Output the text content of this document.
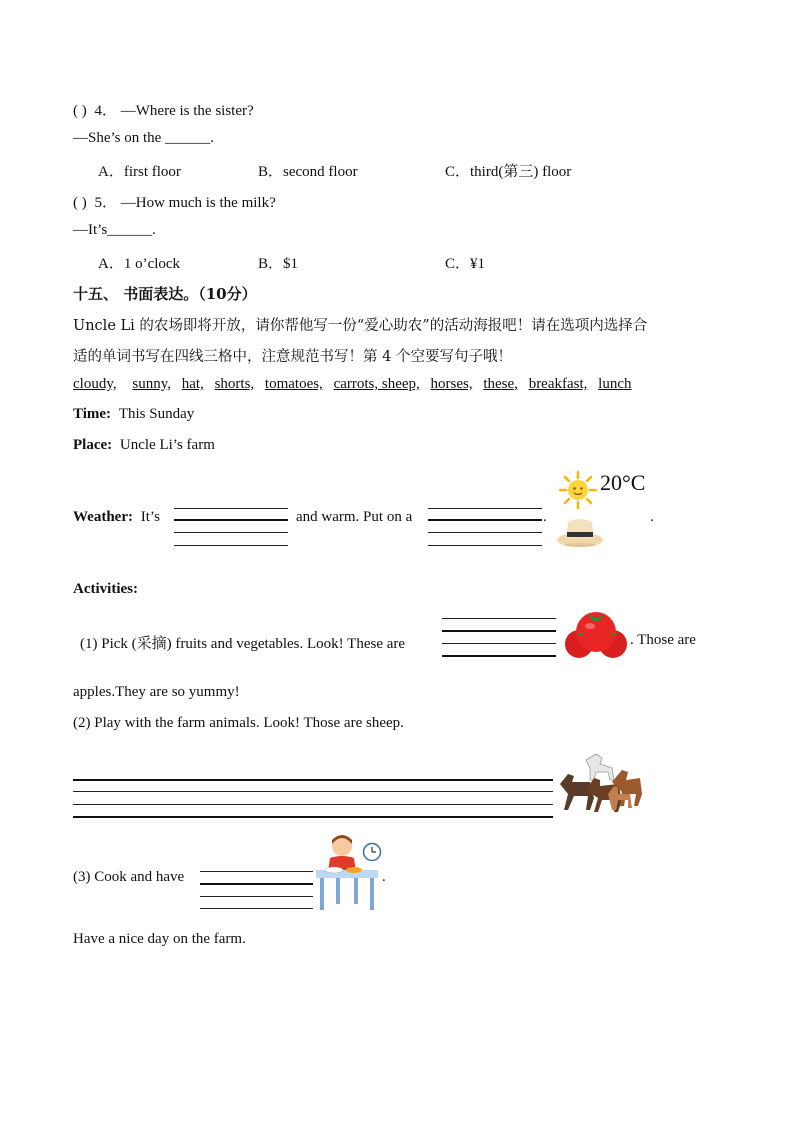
( ) 4． —Where is the sister?
—She’s on the ______.
A．first floor	B．second floor	C．third(第三) floor
( ) 5． —How much is the milk?
—It’s______.
A．1 o’clock	B．$1	C．¥1
十五、 书面表达。（10分）
Uncle Li 的农场即将开放，请你帮他写一份“爱心助农”的活动海报吧！请在选项内选择合
适的单词书写在四线三格中，注意规范书写！第 4 个空要写句子哦！
cloudy, sunny, hat, shorts, tomatoes, carrots, sheep, horses, these, breakfast, lunch
Time: This Sunday
Place: Uncle Li’s farm
Weather: It’s	and warm. Put on a	.	.
20°C
Activities:
(1) Pick (采摘) fruits and vegetables. Look! These are	. Those are
apples.They are so yummy!
(2) Play with the farm animals. Look! Those are sheep.
(3) Cook and have	.
Have a nice day on the farm.
